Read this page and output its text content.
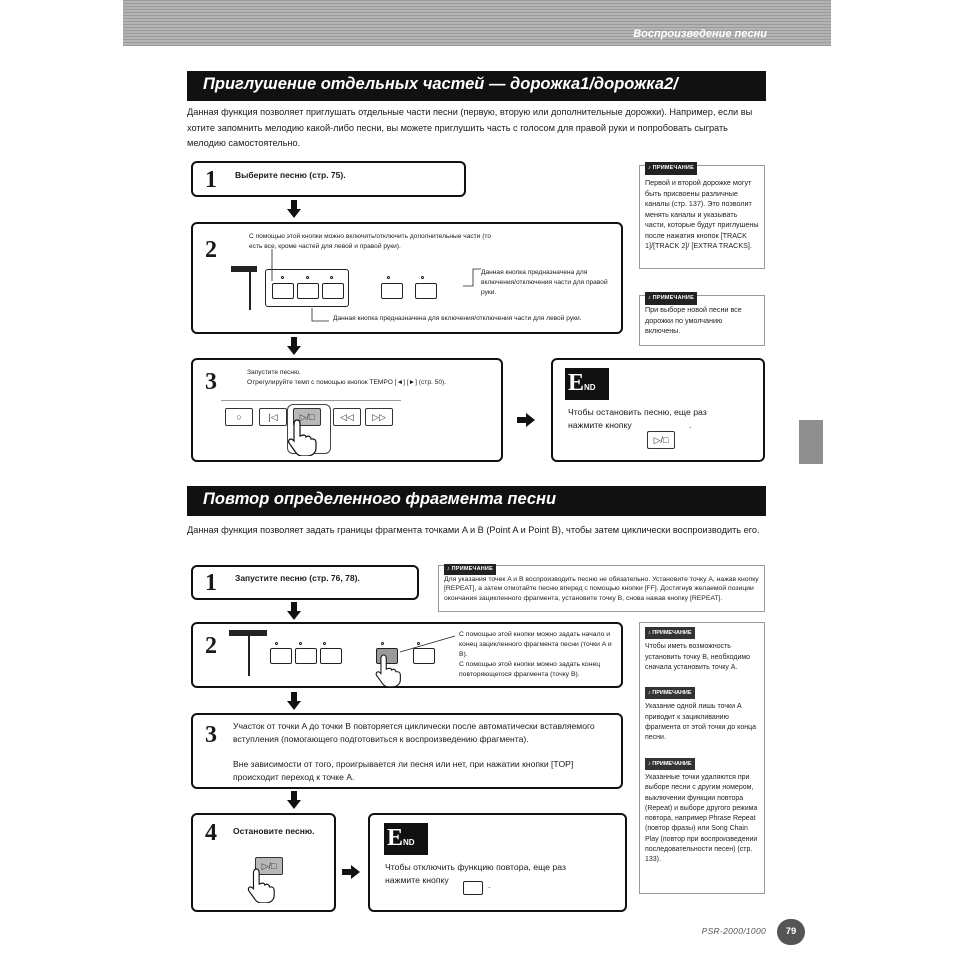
Воспроизведение песни
Приглушение отдельных частей — дорожка1/дорожка2/
Данная функция позволяет приглушать отдельные части песни (первую, вторую или дополнительные дорожки). Например, если вы хотите запомнить мелодию какой-либо песни, вы можете приглушить часть с голосом для правой руки и попробовать сыграть мелодию самостоятельно.
1 Выберите песню (стр. 75).
2
С помощью этой кнопки можно включить/отключить дополнительные части (то есть все, кроме частей для левой и правой руки).
Данная кнопка предназначена для включения/отключения части для правой руки.
Данная кнопка предназначена для включения/отключения части для левой руки.
3	Запустите песню.
Отрегулируйте темп с помощью кнопок TEMPO [◄] [►] (стр. 50).
○	|◁	▷/□	◁◁	▷▷
E ND
Чтобы остановить песню, еще раз нажмите кнопку	.
▷/□
♪ ПРИМЕЧАНИЕ
Первой и второй дорожке могут быть присвоены различные каналы (стр. 137). Это позволит менять каналы и указывать части, которые будут приглушены после нажатия кнопок [TRACK 1]/[TRACK 2]/ [EXTRA TRACKS].
♪ ПРИМЕЧАНИЕ
При выборе новой песни все дорожки по умолчанию включены.
Повтор определенного фрагмента песни
Данная функция позволяет задать границы фрагмента точками A и B (Point A и Point B), чтобы затем циклически воспроизводить его.
1 Запустите песню (стр. 76, 78).
♪ ПРИМЕЧАНИЕ
Для указания точек A и B воспроизводить песню не обязательно. Установите точку A, нажав кнопку [REPEAT], а затем отмотайте песню вперед с помощью кнопки [FF]. Достигнув желаемой позиции окончания зацикленного фрагмента, установите точку B, снова нажав кнопку [REPEAT].
2	С помощью этой кнопки можно задать начало и конец зацикленного фрагмента песни (точки A и B).
С помощью этой кнопки можно задать конец повторяющегося фрагмента (точку B).
3 Участок от точки A до точки B повторяется циклически после автоматически вставляемого вступления (помогающего подготовиться к воспроизведению фрагмента).
Вне зависимости от того, проигрывается ли песня или нет, при нажатии кнопки [TOP] происходит переход к точке A.
4 Остановите песню.
▷/□
E ND
Чтобы отключить функцию повтора, еще раз нажмите кнопку
.
♪ ПРИМЕЧАНИЕ
Чтобы иметь возможность установить точку B, необходимо сначала установить точку A.
♪ ПРИМЕЧАНИЕ
Указание одной лишь точки A приводит к зацикливанию фрагмента от этой точки до конца песни.
♪ ПРИМЕЧАНИЕ
Указанные точки удаляются при выборе песни с другим номером, выключении функции повтора (Repeat) и выборе другого режима повтора, например Phrase Repeat (повтор фразы) или Song Chain Play (повтор при воспроизведении последовательности песен) (стр. 133).
PSR-2000/1000	79
